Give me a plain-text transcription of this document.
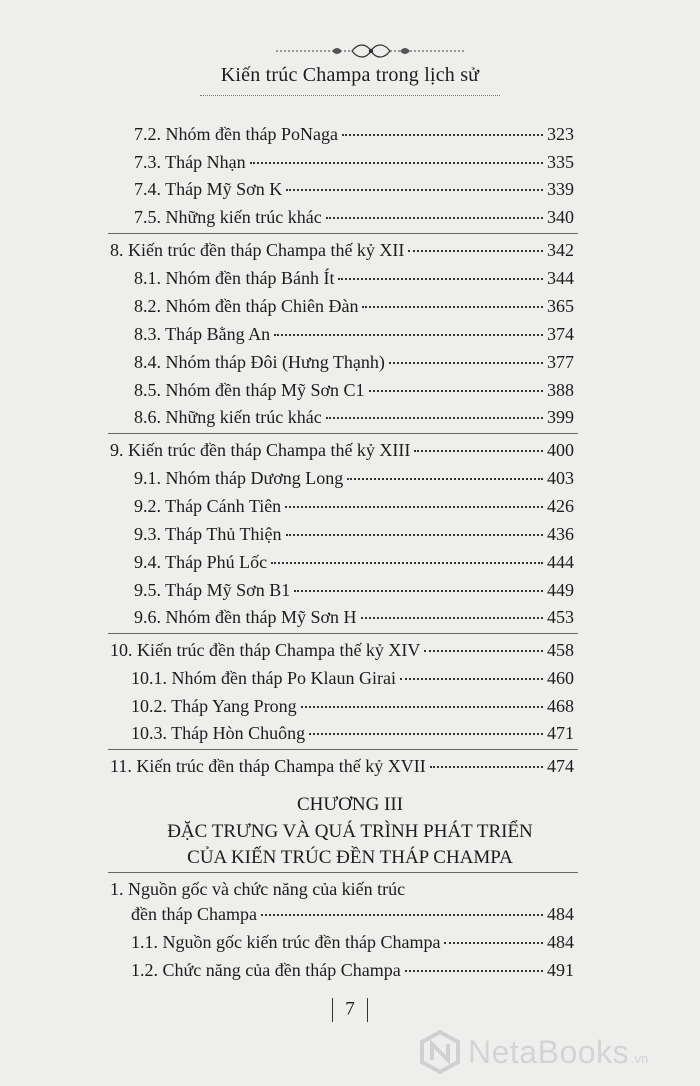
Kiến trúc Champa trong lịch sử
7.2. Nhóm đền tháp PoNaga	323
7.3. Tháp Nhạn	335
7.4. Tháp Mỹ Sơn K	339
7.5. Những kiến trúc khác	340
8. Kiến trúc đền tháp Champa thế kỷ XII	342
8.1. Nhóm đền tháp Bánh Ít	344
8.2. Nhóm đền tháp Chiên Đàn	365
8.3. Tháp Bằng An	374
8.4. Nhóm tháp Đôi (Hưng Thạnh)	377
8.5. Nhóm đền tháp Mỹ Sơn C1	388
8.6. Những kiến trúc khác	399
9. Kiến trúc đền tháp Champa thế kỷ XIII	400
9.1. Nhóm tháp Dương Long	403
9.2. Tháp Cánh Tiên	426
9.3. Tháp Thủ Thiện	436
9.4. Tháp Phú Lốc	444
9.5. Tháp Mỹ Sơn B1	449
9.6. Nhóm đền tháp Mỹ Sơn H	453
10. Kiến trúc đền tháp Champa thế kỷ XIV	458
10.1. Nhóm đền tháp Po Klaun Girai	460
10.2. Tháp Yang Prong	468
10.3. Tháp Hòn Chuông	471
11. Kiến trúc đền tháp Champa thế kỷ XVII	474
CHƯƠNG III
ĐẶC TRƯNG VÀ QUÁ TRÌNH PHÁT TRIỂN
CỦA KIẾN TRÚC ĐỀN THÁP CHAMPA
1. Nguồn gốc và chức năng của kiến trúc
đền tháp Champa	484
1.1. Nguồn gốc kiến trúc đền tháp Champa	484
1.2. Chức năng của đền tháp Champa	491
7
NetaBooks .vn
